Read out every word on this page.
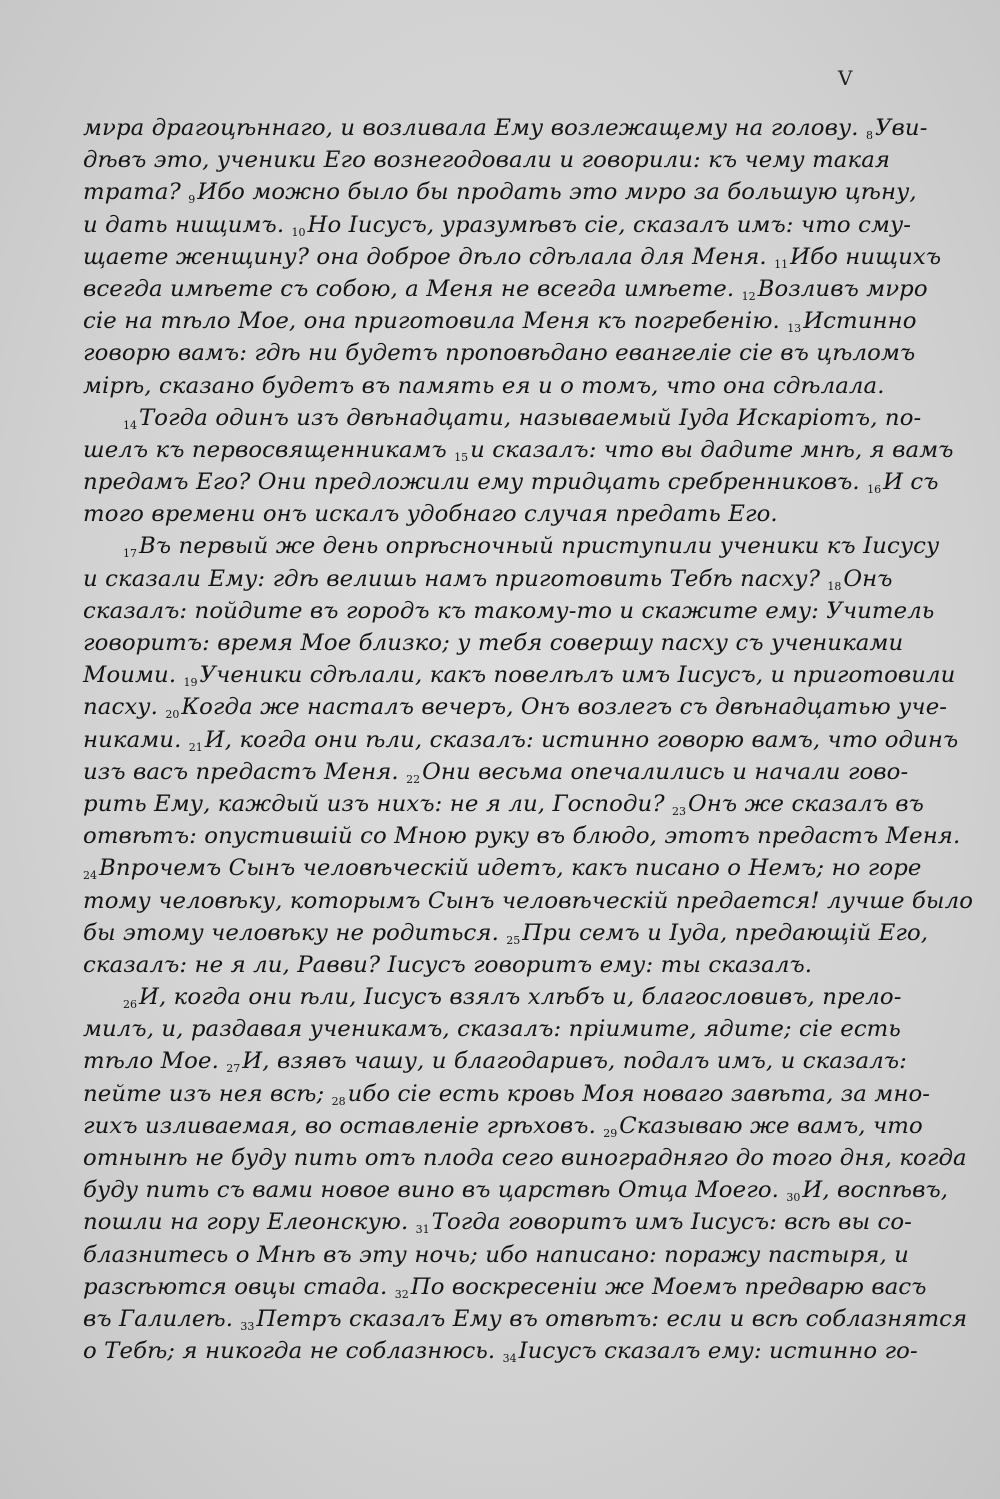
V
мνра драгоцѣннаго, и возливала Ему возлежащему на голову. 8Уви-
дѣвъ это, ученики Его вознегодовали и говорили: къ чему такая
трата? 9Ибо можно было бы продать это мνро за большую цѣну,
и дать нищимъ. 10Но Іисусъ, уразумѣвъ сіе, сказалъ имъ: что сму-
щаете женщину? она доброе дѣло сдѣлала для Меня. 11Ибо нищихъ
всегда имѣете съ собою, а Меня не всегда имѣете. 12Возливъ мνро
сіе на тѣло Мое, она приготовила Меня къ погребенію. 13Истинно
говорю вамъ: гдѣ ни будетъ проповѣдано евангеліе сіе въ цѣломъ
мірѣ, сказано будетъ въ память ея и о томъ, что она сдѣлала.
14Тогда одинъ изъ двѣнадцати, называемый Іуда Искаріотъ, по-
шелъ къ первосвященникамъ 15и сказалъ: что вы дадите мнѣ, я вамъ
предамъ Его? Они предложили ему тридцать сребренниковъ. 16И съ
того времени онъ искалъ удобнаго случая предать Его.
17Въ первый же день опрѣсночный приступили ученики къ Іисусу
и сказали Ему: гдѣ велишь намъ приготовить Тебѣ пасху? 18Онъ
сказалъ: пойдите въ городъ къ такому-то и скажите ему: Учитель
говоритъ: время Мое близко; у тебя совершу пасху съ учениками
Моими. 19Ученики сдѣлали, какъ повелѣлъ имъ Іисусъ, и приготовили
пасху. 20Когда же насталъ вечеръ, Онъ возлегъ съ двѣнадцатью уче-
никами. 21И, когда они ѣли, сказалъ: истинно говорю вамъ, что одинъ
изъ васъ предастъ Меня. 22Они весьма опечалились и начали гово-
рить Ему, каждый изъ нихъ: не я ли, Господи? 23Онъ же сказалъ въ
отвѣтъ: опустившій со Мною руку въ блюдо, этотъ предастъ Меня.
24Впрочемъ Сынъ человѣческій идетъ, какъ писано о Немъ; но горе
тому человѣку, которымъ Сынъ человѣческій предается! лучше было
бы этому человѣку не родиться. 25При семъ и Іуда, предающій Его,
сказалъ: не я ли, Равви? Іисусъ говоритъ ему: ты сказалъ.
26И, когда они ѣли, Іисусъ взялъ хлѣбъ и, благословивъ, прело-
милъ, и, раздавая ученикамъ, сказалъ: пріимите, ядите; сіе есть
тѣло Мое. 27И, взявъ чашу, и благодаривъ, подалъ имъ, и сказалъ:
пейте изъ нея всѣ; 28ибо сіе есть кровь Моя новаго завѣта, за мно-
гихъ изливаемая, во оставленіе грѣховъ. 29Сказываю же вамъ, что
отнынѣ не буду пить отъ плода сего виноградняго до того дня, когда
буду пить съ вами новое вино въ царствѣ Отца Моего. 30И, воспѣвъ,
пошли на гору Елеонскую. 31Тогда говоритъ имъ Іисусъ: всѣ вы со-
блазнитесь о Мнѣ въ эту ночь; ибо написано: поражу пастыря, и
разсѣются овцы стада. 32По воскресеніи же Моемъ предварю васъ
въ Галилеѣ. 33Петръ сказалъ Ему въ отвѣтъ: если и всѣ соблазнятся
о Тебѣ; я никогда не соблазнюсь. 34Іисусъ сказалъ ему: истинно го-
